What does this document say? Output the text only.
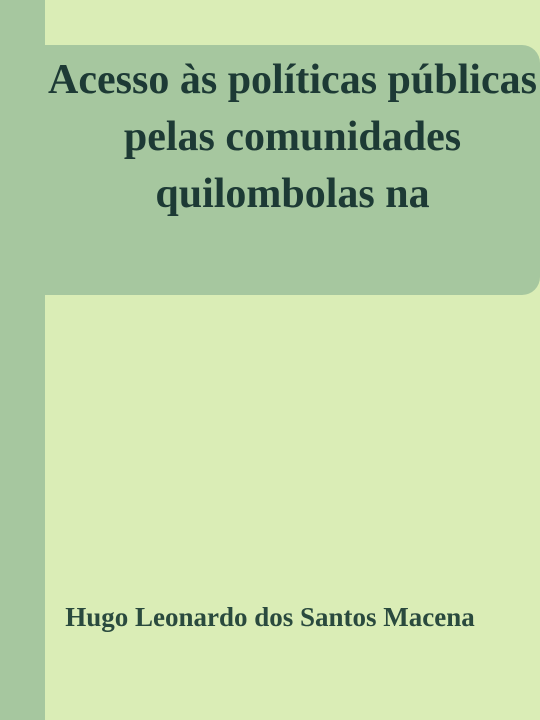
Acesso às políticas públicas pelas comunidades quilombolas na

Hugo Leonardo dos Santos Macena
